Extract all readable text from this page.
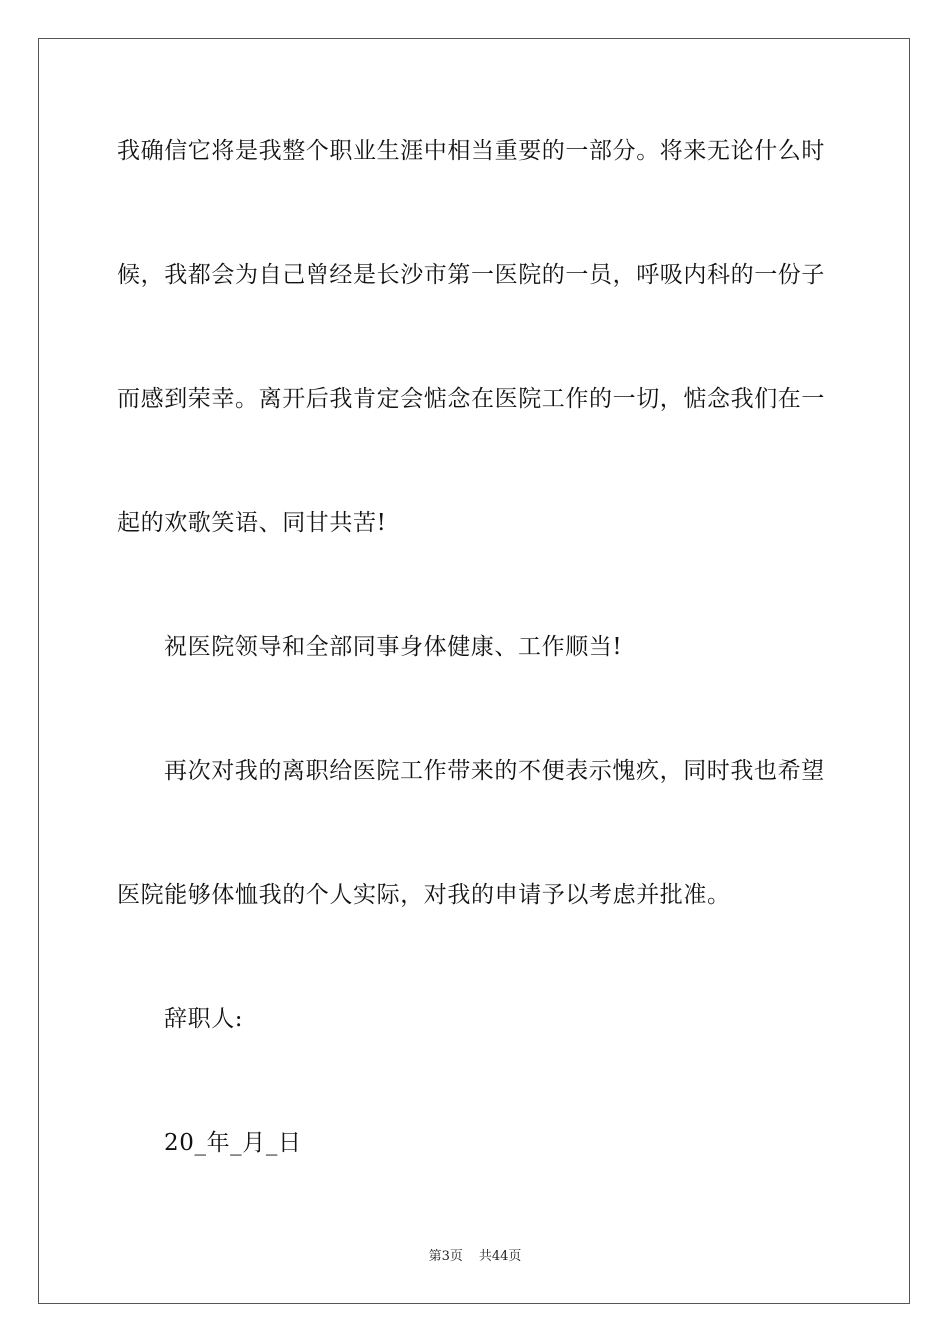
我确信它将是我整个职业生涯中相当重要的一部分。将来无论什么时
候，我都会为自己曾经是长沙市第一医院的一员，呼吸内科的一份子
而感到荣幸。离开后我肯定会惦念在医院工作的一切，惦念我们在一
起的欢歌笑语、同甘共苦!
祝医院领导和全部同事身体健康、工作顺当!
再次对我的离职给医院工作带来的不便表示愧疚，同时我也希望
医院能够体恤我的个人实际，对我的申请予以考虑并批准。
辞职人:
20_年_月_日
第3页 共44页
